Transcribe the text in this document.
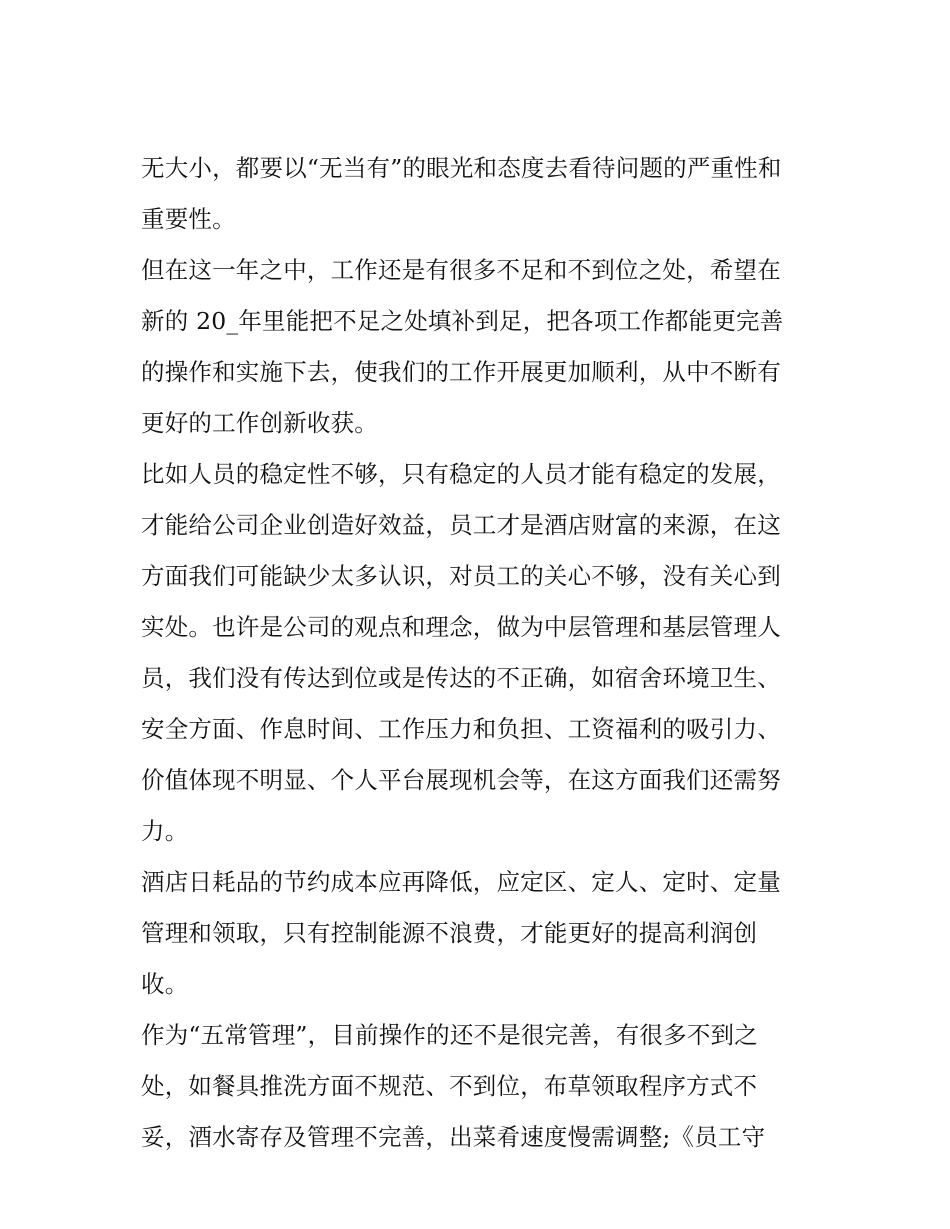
无大小，都要以“无当有”的眼光和态度去看待问题的严重性和
重要性。
但在这一年之中，工作还是有很多不足和不到位之处，希望在
新的 20_年里能把不足之处填补到足，把各项工作都能更完善
的操作和实施下去，使我们的工作开展更加顺利，从中不断有
更好的工作创新收获。
比如人员的稳定性不够，只有稳定的人员才能有稳定的发展，
才能给公司企业创造好效益，员工才是酒店财富的来源，在这
方面我们可能缺少太多认识，对员工的关心不够，没有关心到
实处。也许是公司的观点和理念，做为中层管理和基层管理人
员，我们没有传达到位或是传达的不正确，如宿舍环境卫生、
安全方面、作息时间、工作压力和负担、工资福利的吸引力、
价值体现不明显、个人平台展现机会等，在这方面我们还需努
力。
酒店日耗品的节约成本应再降低，应定区、定人、定时、定量
管理和领取，只有控制能源不浪费，才能更好的提高利润创
收。
作为“五常管理”，目前操作的还不是很完善，有很多不到之
处，如餐具推洗方面不规范、不到位，布草领取程序方式不
妥，酒水寄存及管理不完善，出菜肴速度慢需调整;《员工守
